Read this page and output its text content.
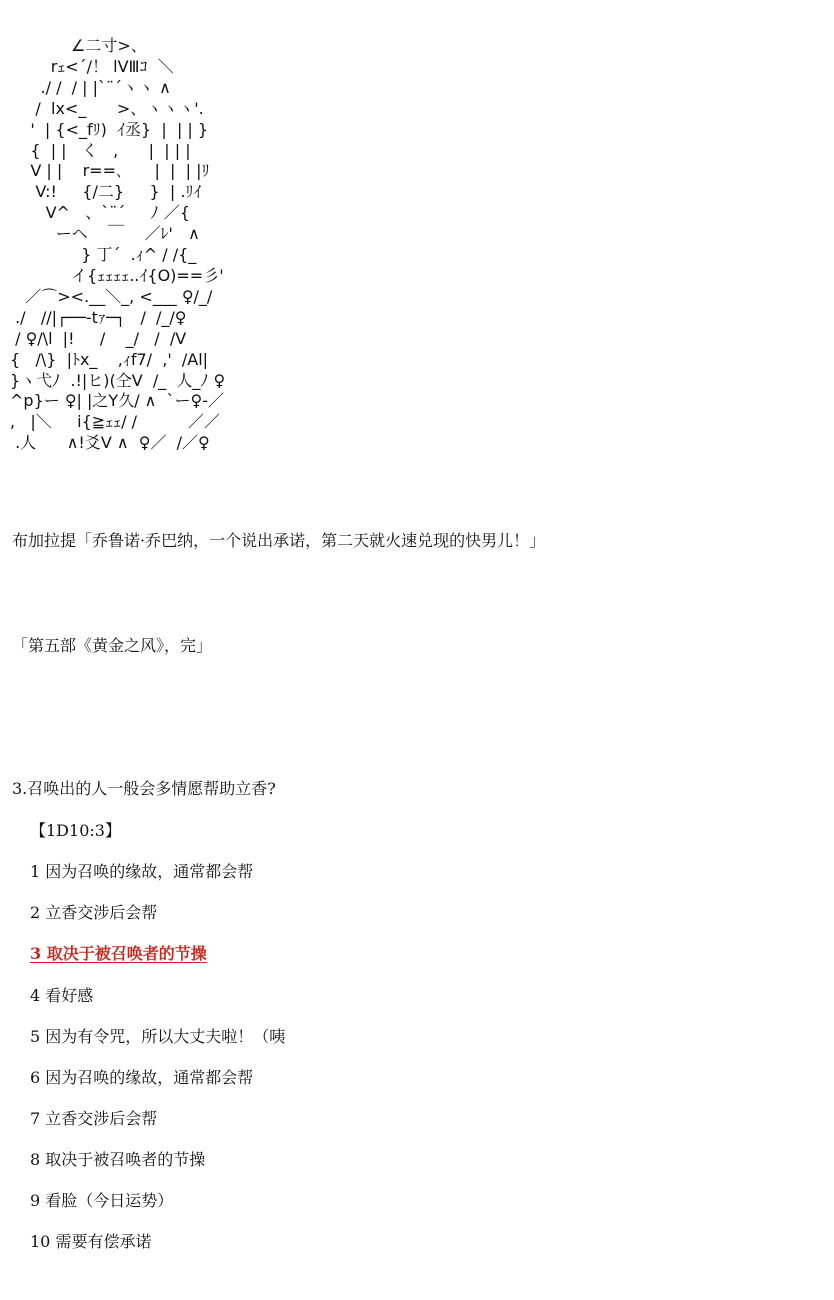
∠二寸>、
rｪ<´/！ lVⅢｺ  ＼
./ /  / | |`¨´ヽヽ ∧
/  lx<_      >、ヽヽヽ'.
'  | {<_fﾘ)  ｲ丞}  |  | | }
{  | |   く   ,      |  | | |
V | |    r==､      |  |  | |ﾘ
V:!     {/二}     }  | .ﾘｲ
V^   、`¨´     ﾉ ／{
ーヘ    ￣    ／ﾚ'   ∧
} 丁´  .ｨ^ / /{_
イ{ｪｪｪｪ..ｲ{O)==彡'
／⌒><.__＼_, <___ ♀/_/
./   //|┌──-tｧ─┐   /  /_/♀
/ ♀/\l  |!     /    _/   /  /V
{   /\}  |ﾄx_    ,ｨf7/  ,'  /Al|
}ヽ弋ﾉ  .!|ヒ)(仝V  /_  人_ﾉ ♀
^p}ー ♀| |之Y久/ ∧  `ー♀-／
,   |＼     i{≧ｪｪ/ /          ／／
.人      ∧!爻V ∧  ♀／  /／♀
布加拉提「乔鲁诺·乔巴纳，一个说出承诺，第二天就火速兑现的快男儿！」
「第五部《黄金之风》，完」
3.召唤出的人一般会多情愿帮助立香?
【1D10:3】
1 因为召唤的缘故，通常都会帮
2 立香交涉后会帮
3 取决于被召唤者的节操
4 看好感
5 因为有令咒，所以大丈夫啦！（咦
6 因为召唤的缘故，通常都会帮
7 立香交涉后会帮
8 取决于被召唤者的节操
9 看脸（今日运势）
10 需要有偿承诺
